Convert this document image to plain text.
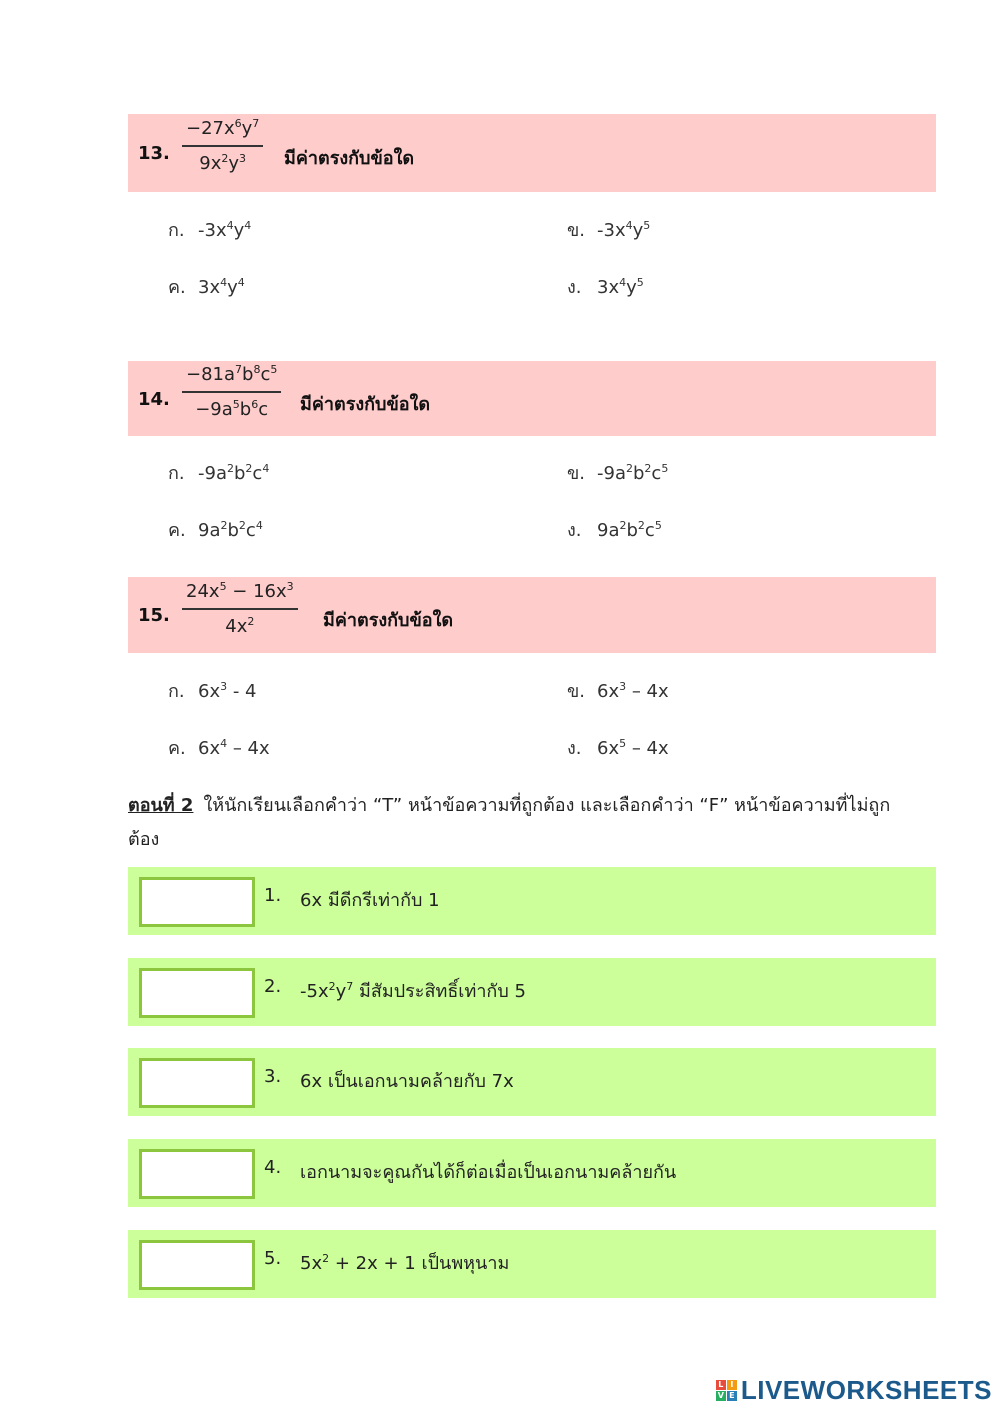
13.
$-27x^6y^7$
$9x^2y^3$	มีค่าตรงกับข้อใด
ก. $-3x^4y^4$	ข. $-3x^4y^5$
ค. $3x^4y^4$	ง. $3x^4y^5$
14.
$-81a^7b^8c^5$
$-9a^5b^6c$	มีค่าตรงกับข้อใด
ก. $-9a^2b^2c^4$	ข. $-9a^2b^2c^5$
ค. $9a^2b^2c^4$	ง. $9a^2b^2c^5$
15.
$24x^5 - 16x^3$
$4x^2$	มีค่าตรงกับข้อใด
ก. $6x^3 - 4$	ข. $6x^3 - 4x$
ค. $6x^4 - 4x$	ง. $6x^5 - 4x$
ตอนที่ 2 ให้นักเรียนเลือกคำว่า “T” หน้าข้อความที่ถูกต้อง และเลือกคำว่า “F” หน้าข้อความที่ไม่ถูกต้อง
1. 6x มีดีกรีเท่ากับ 1
2. $-5x^2y^7$ มีสัมประสิทธิ์เท่ากับ 5
3. 6x เป็นเอกนามคล้ายกับ 7x
4. เอกนามจะคูณกันได้ก็ต่อเมื่อเป็นเอกนามคล้ายกัน
5. $5x^2 + 2x + 1$ เป็นพหุนาม
L I
V E LIVEWORKSHEETS
